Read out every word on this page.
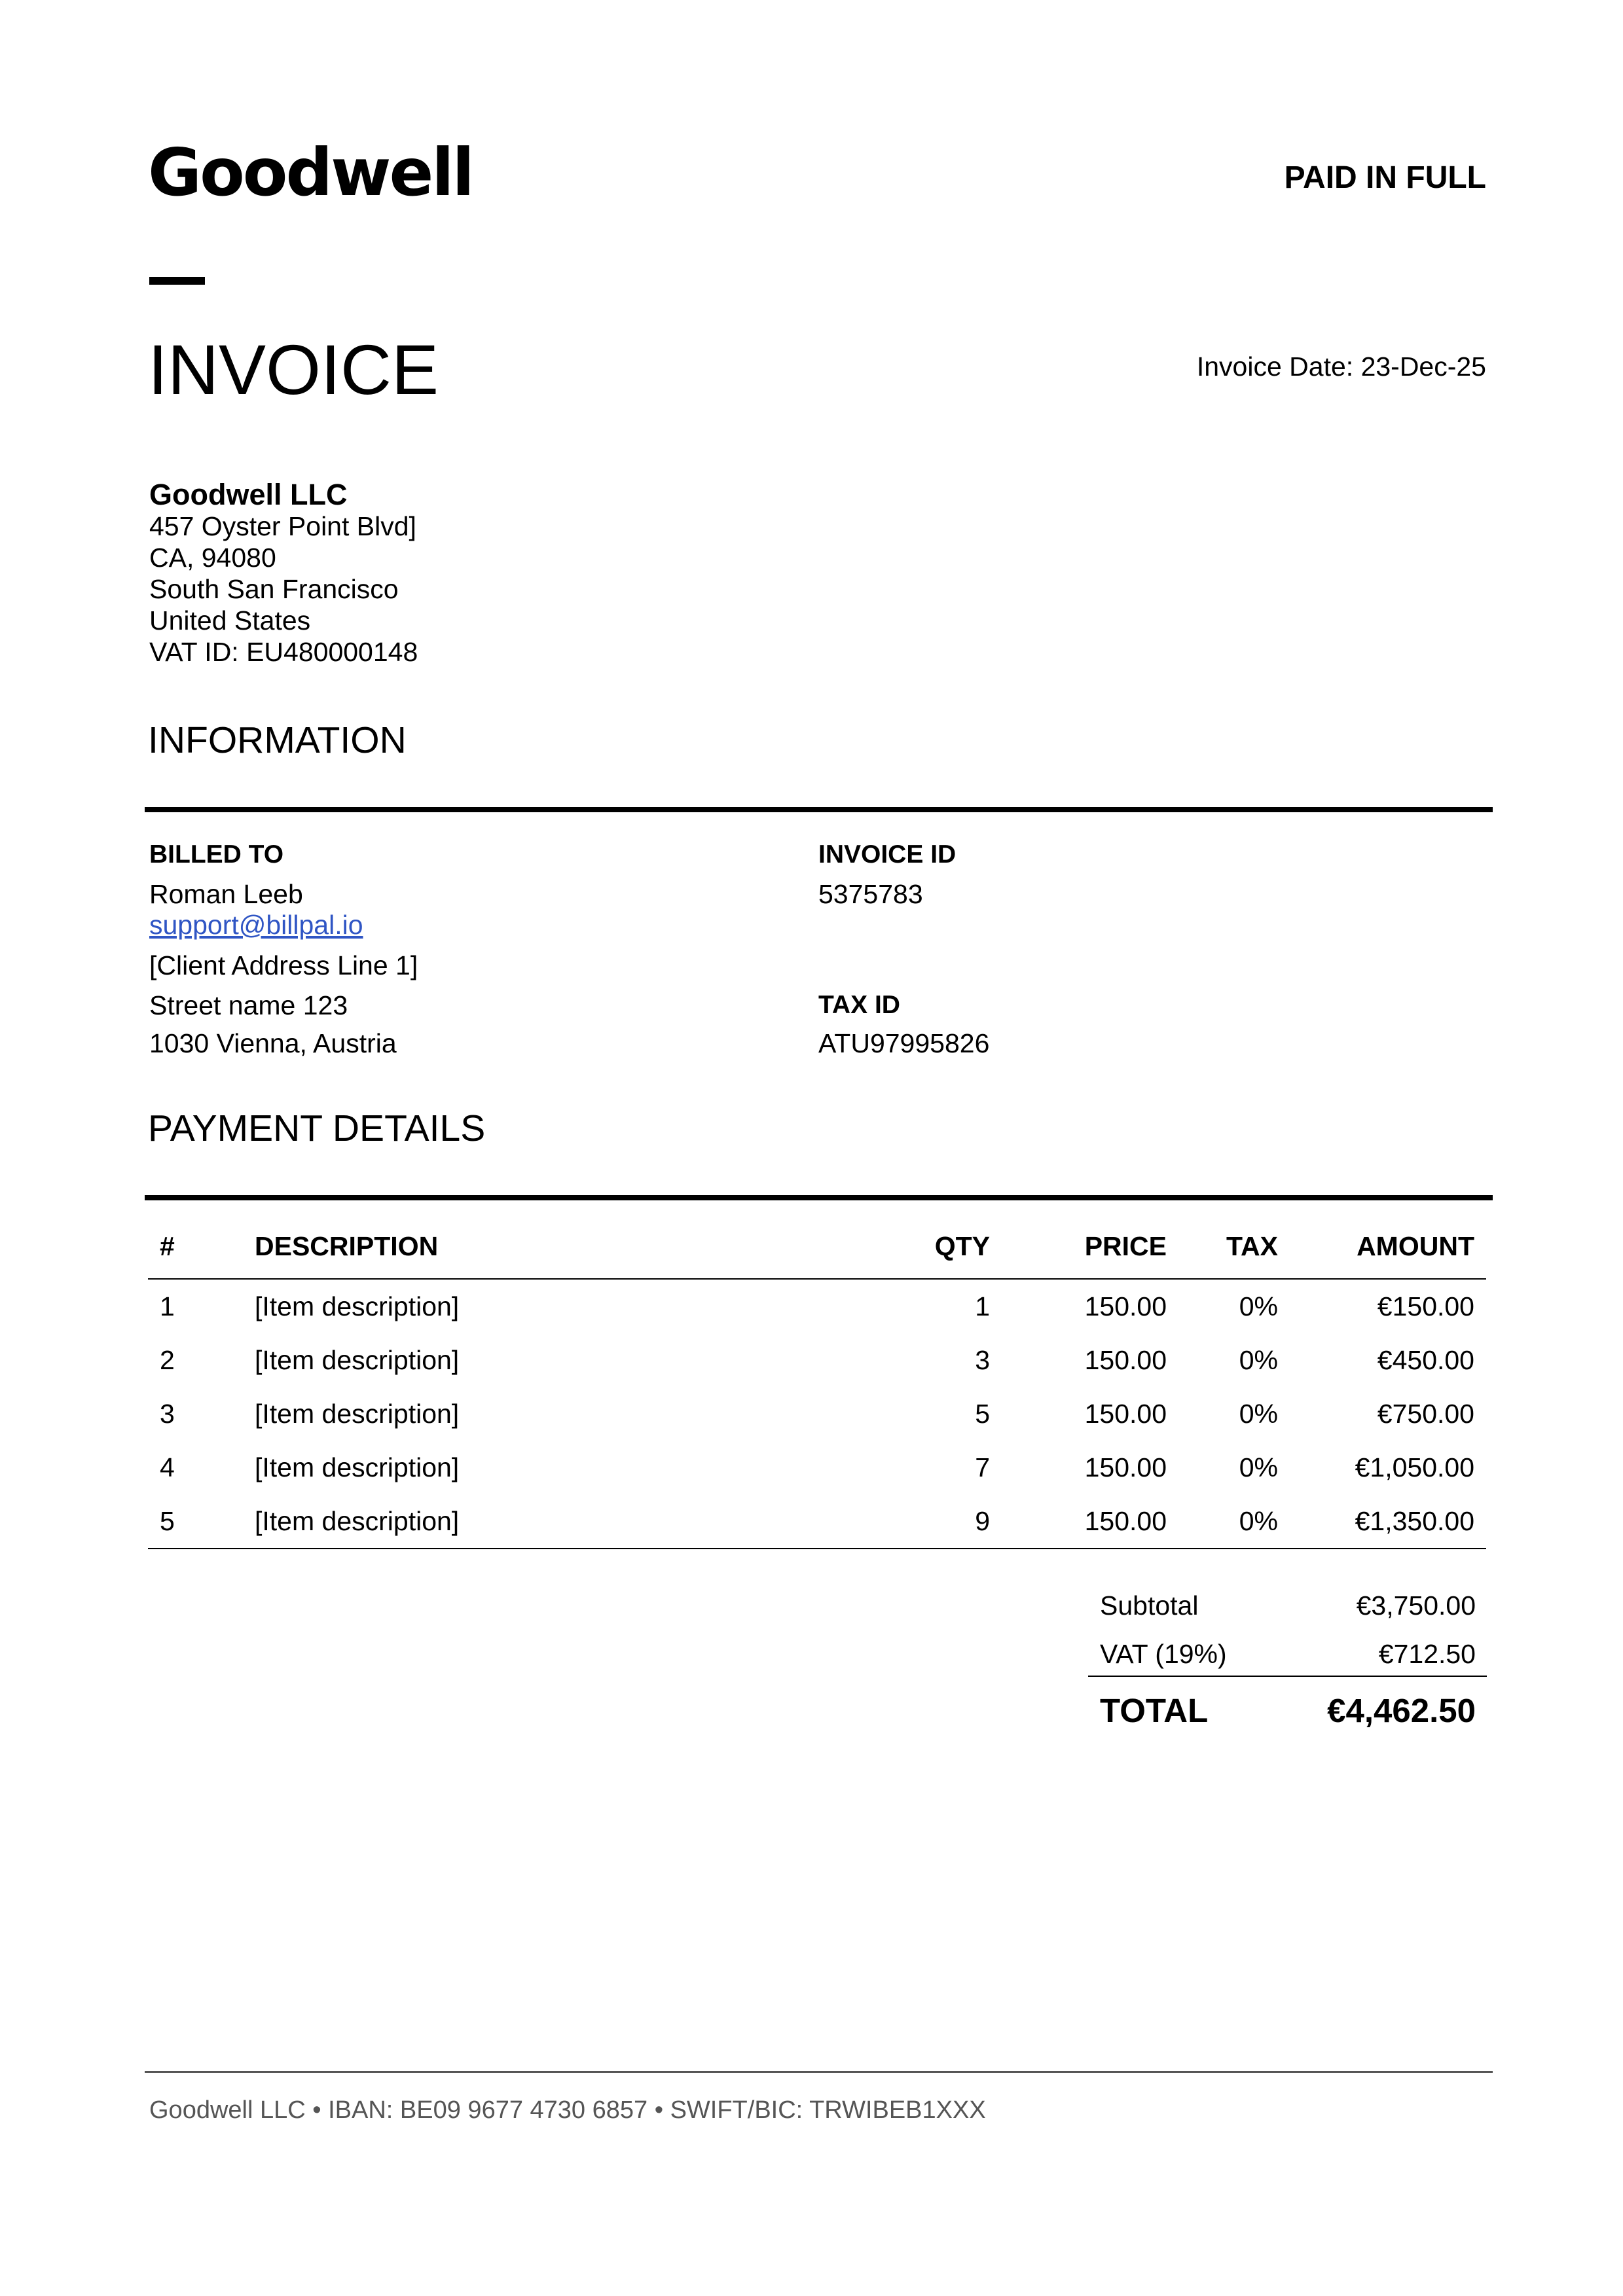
Goodwell	PAID IN FULL
INVOICE	Invoice Date: 23-Dec-25
Goodwell LLC
457 Oyster Point Blvd]
CA, 94080
South San Francisco
United States
VAT ID: EU480000148
INFORMATION
BILLED TO
Roman Leeb
support@billpal.io
[Client Address Line 1]
Street name 123
1030 Vienna, Austria
INVOICE ID
5375783
TAX ID
ATU97995826
PAYMENT DETAILS
#	DESCRIPTION	QTY	PRICE	TAX	AMOUNT
1	[Item description]	1	150.00	0%	€150.00
2	[Item description]	3	150.00	0%	€450.00
3	[Item description]	5	150.00	0%	€750.00
4	[Item description]	7	150.00	0%	€1,050.00
5	[Item description]	9	150.00	0%	€1,350.00
Subtotal	€3,750.00
VAT (19%)	€712.50
TOTAL	€4,462.50
Goodwell LLC • IBAN: BE09 9677 4730 6857 • SWIFT/BIC: TRWIBEB1XXX
